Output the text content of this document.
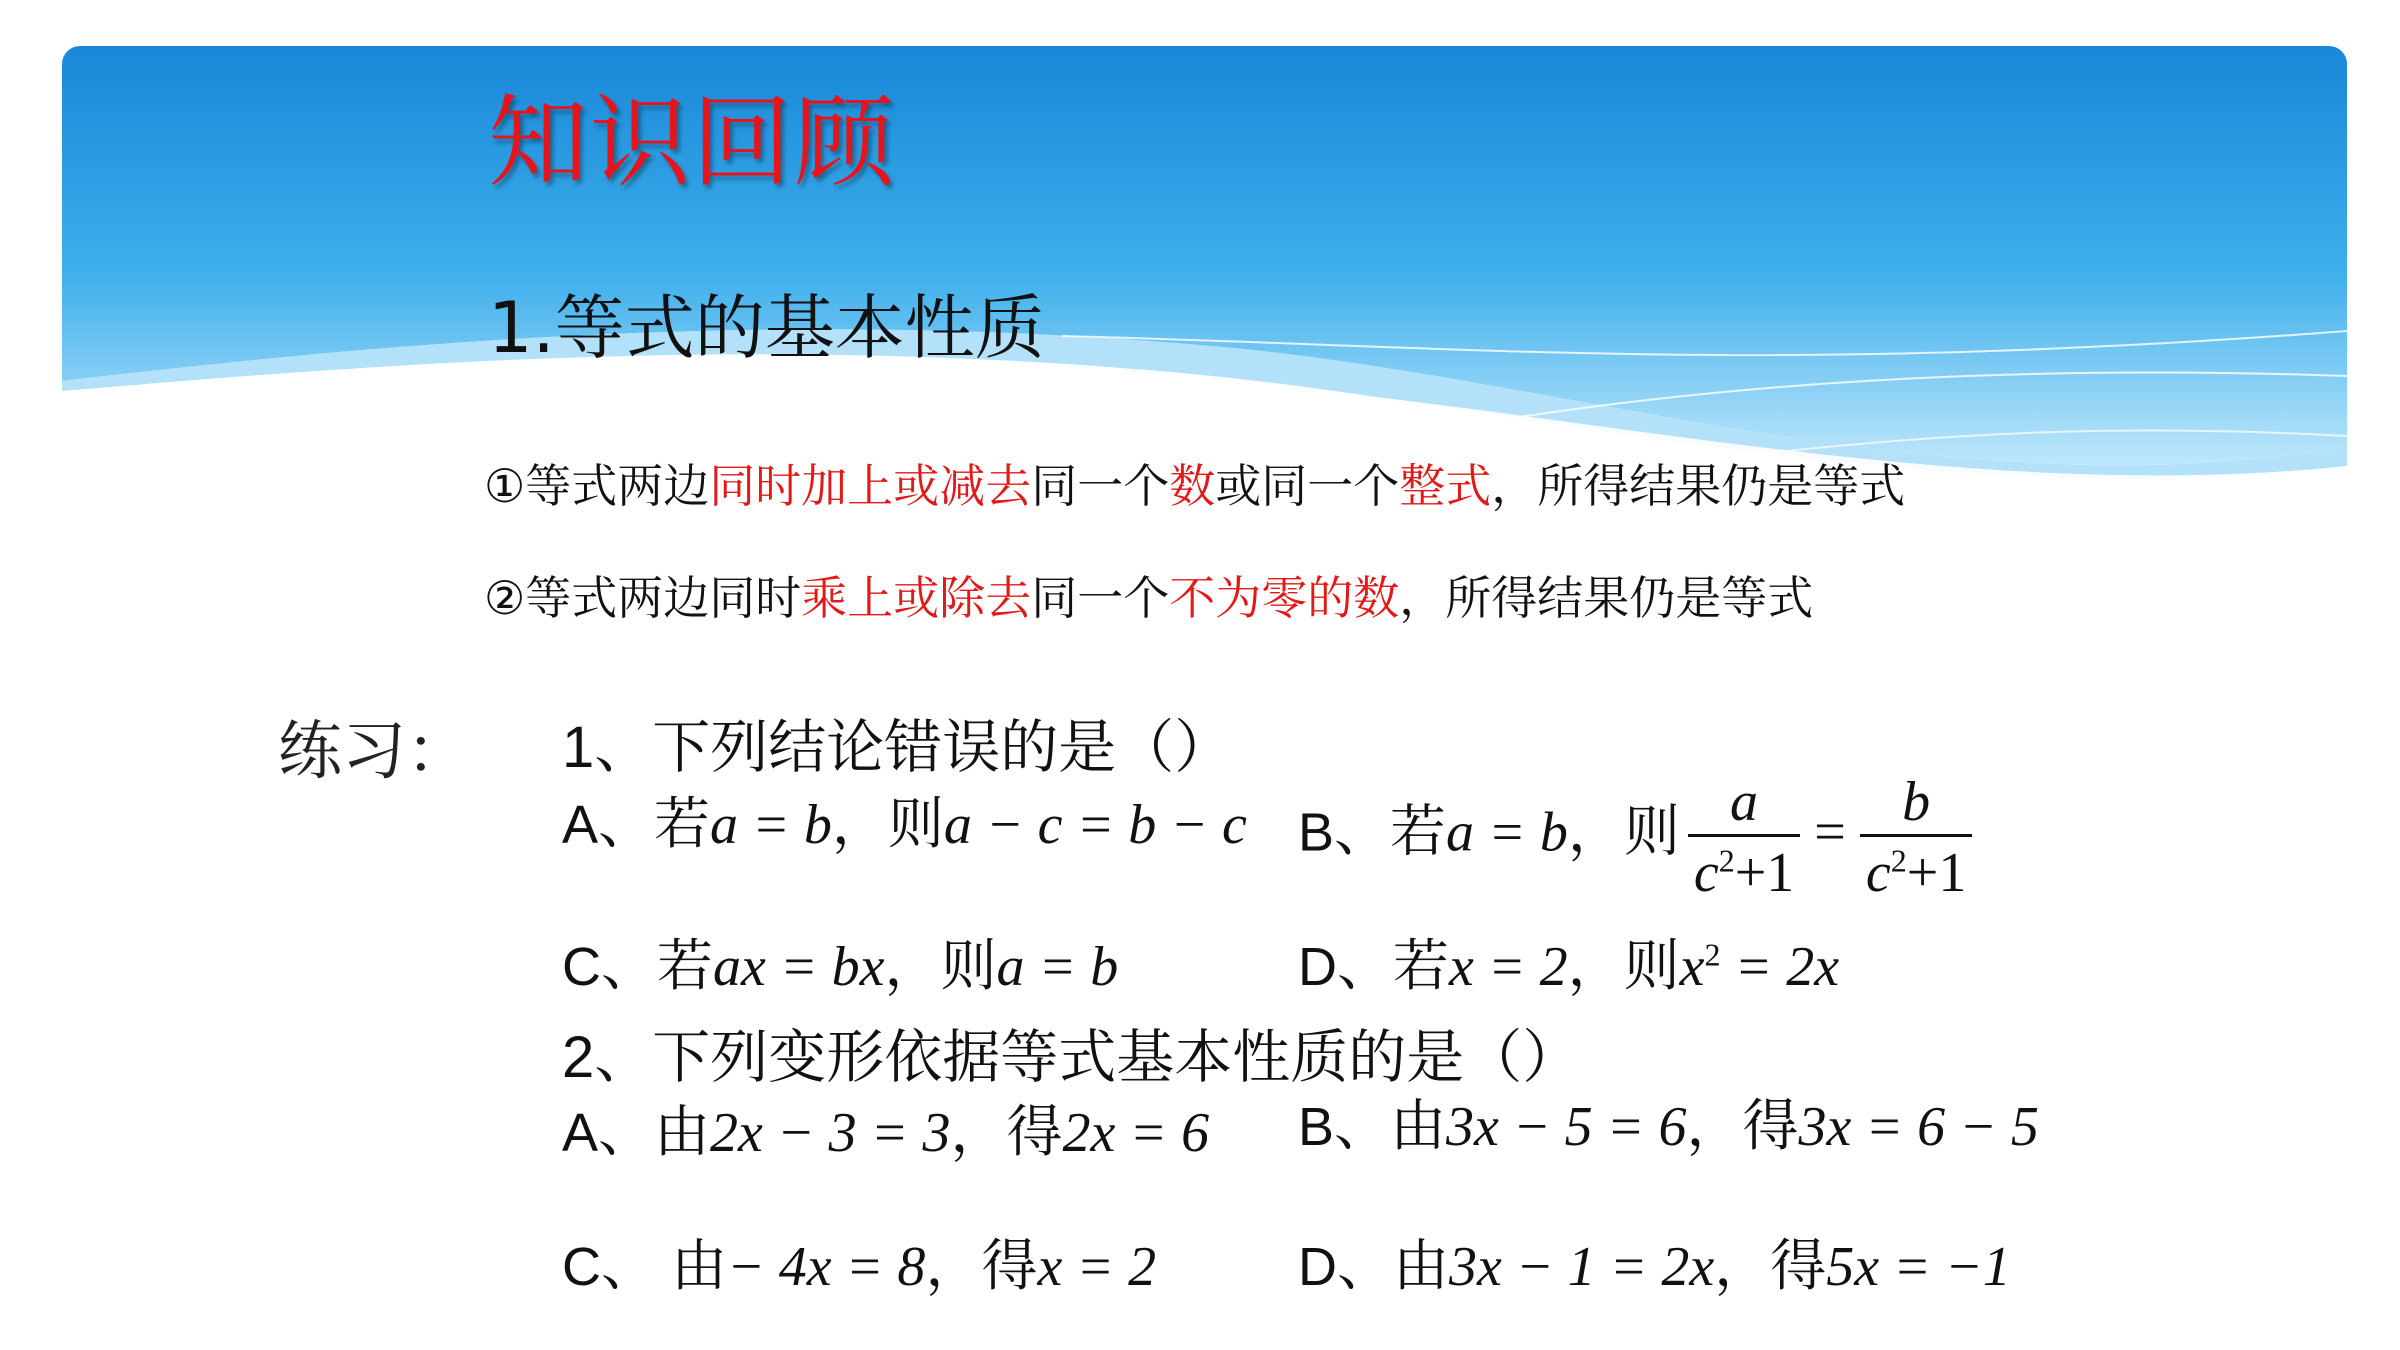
知识回顾
1.等式的基本性质
①等式两边同时加上或减去同一个数或同一个整式，所得结果仍是等式
②等式两边同时乘上或除去同一个不为零的数，所得结果仍是等式
练习： 1、下列结论错误的是（）
A、若a = b，则a − c = b − c B、若a = b，则 $\frac{a}{c^2+1} = \frac{b}{c^2+1}$
C、若ax = bx，则a = b	D、若x = 2，则$x^2 = 2x$
2、下列变形依据等式基本性质的是（）
A、由2x − 3 = 3，得2x = 6 B、由3x − 5 = 6，得3x = 6 − 5
C、 由− 4x = 8，得x = 2	D、由3x − 1 = 2x，得5x = −1
